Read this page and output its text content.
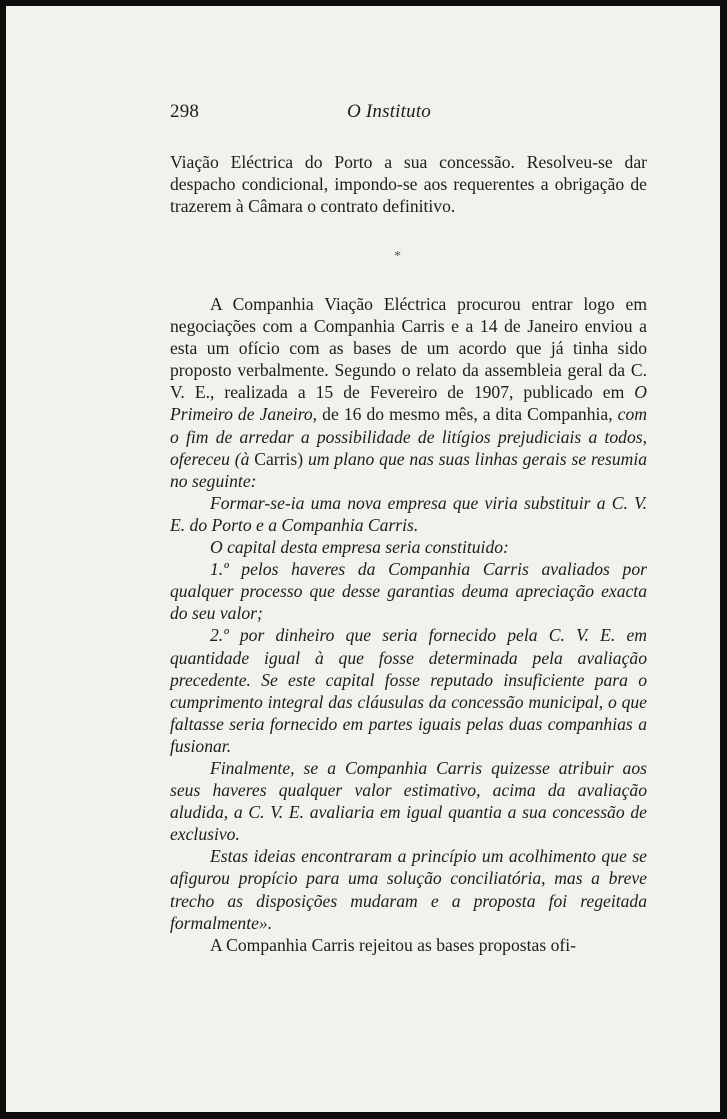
298	O Instituto

Viação Eléctrica do Porto a sua concessão. Resolveu-se dar despacho condicional, impondo-se aos requerentes a obrigação de trazerem à Câmara o contrato definitivo.

*

A Companhia Viação Eléctrica procurou entrar logo em negociações com a Companhia Carris e a 14 de Janeiro enviou a esta um ofício com as bases de um acordo que já tinha sido proposto verbalmente. Segundo o relato da assembleia geral da C. V. E., realizada a 15 de Fevereiro de 1907, publicado em O Primeiro de Janeiro, de 16 do mesmo mês, a dita Companhia, com o fim de arredar a possibilidade de litígios prejudiciais a todos, ofereceu (à Carris) um plano que nas suas linhas gerais se resumia no seguinte:

Formar-se-ia uma nova empresa que viria substituir a C. V. E. do Porto e a Companhia Carris.

O capital desta empresa seria constituido:

1.º pelos haveres da Companhia Carris avaliados por qualquer processo que desse garantias deuma apreciação exacta do seu valor;

2.º por dinheiro que seria fornecido pela C. V. E. em quantidade igual à que fosse determinada pela avaliação precedente. Se este capital fosse reputado insuficiente para o cumprimento integral das cláusulas da concessão municipal, o que faltasse seria fornecido em partes iguais pelas duas companhias a fusionar.

Finalmente, se a Companhia Carris quizesse atribuir aos seus haveres qualquer valor estimativo, acima da avaliação aludida, a C. V. E. avaliaria em igual quantia a sua concessão de exclusivo.

Estas ideias encontraram a princípio um acolhimento que se afigurou propício para uma solução conciliatória, mas a breve trecho as disposições mudaram e a proposta foi regeitada formalmente».

A Companhia Carris rejeitou as bases propostas ofi-
